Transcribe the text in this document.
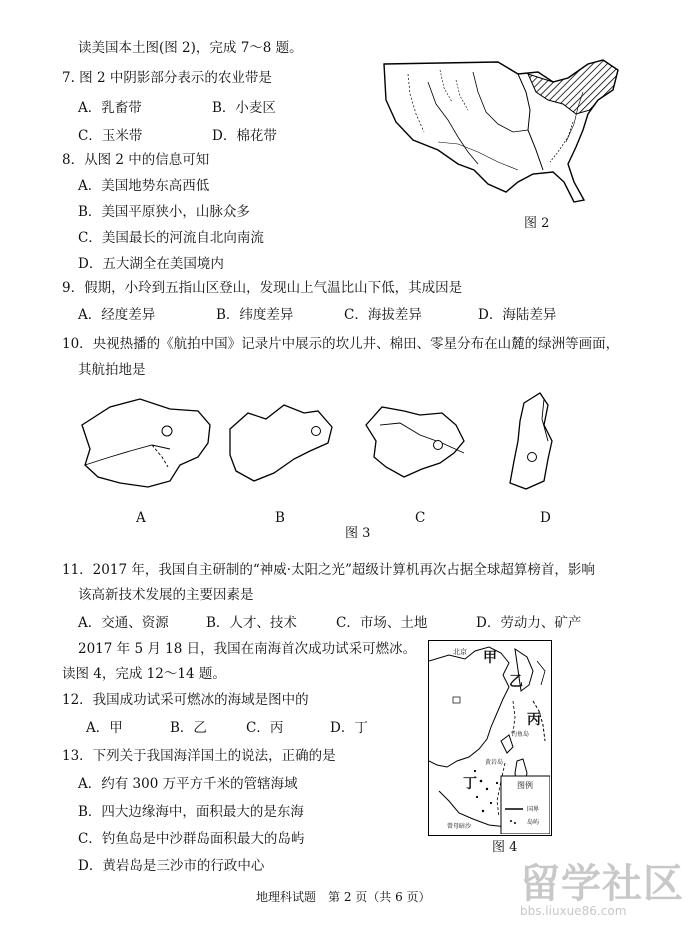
读美国本土图(图 2)，完成 7～8 题。
7. 图 2 中阴影部分表示的农业带是
A．乳畜带	B．小麦区
C．玉米带	D．棉花带
8．从图 2 中的信息可知
A．美国地势东高西低
B．美国平原狭小，山脉众多
C．美国最长的河流自北向南流
D．五大湖全在美国境内
图 2
9．假期，小玲到五指山区登山，发现山上气温比山下低，其成因是
A．经度差异	B．纬度差异	C．海拔差异	D．海陆差异
10．央视热播的《航拍中国》记录片中展示的坎儿井、棉田、零星分布在山麓的绿洲等画面，
其航拍地是
A	B	C	D
图 3
11．2017 年，我国自主研制的“神威·太阳之光”超级计算机再次占据全球超算榜首，影响
该高新技术发展的主要因素是
A．交通、资源	B．人才、技术	C．市场、土地	D．劳动力、矿产
2017 年 5 月 18 日，我国在南海首次成功试采可燃冰。
读图 4，完成 12～14 题。
12．我国成功试采可燃冰的海域是图中的
A．甲	B．乙	C．丙	D．丁
13．下列关于我国海洋国土的说法，正确的是
A．约有 300 万平方千米的管辖海域
B．四大边缘海中，面积最大的是东海
C．钓鱼岛是中沙群岛面积最大的岛屿
D．黄岩岛是三沙市的行政中心
甲
北京
乙
丙
钓鱼岛
丁
黄岩岛
曾母暗沙
图例
国界
岛屿
图 4
地理科试题　第 2 页（共 6 页） 留学社区
bbs.liuxue86.com
